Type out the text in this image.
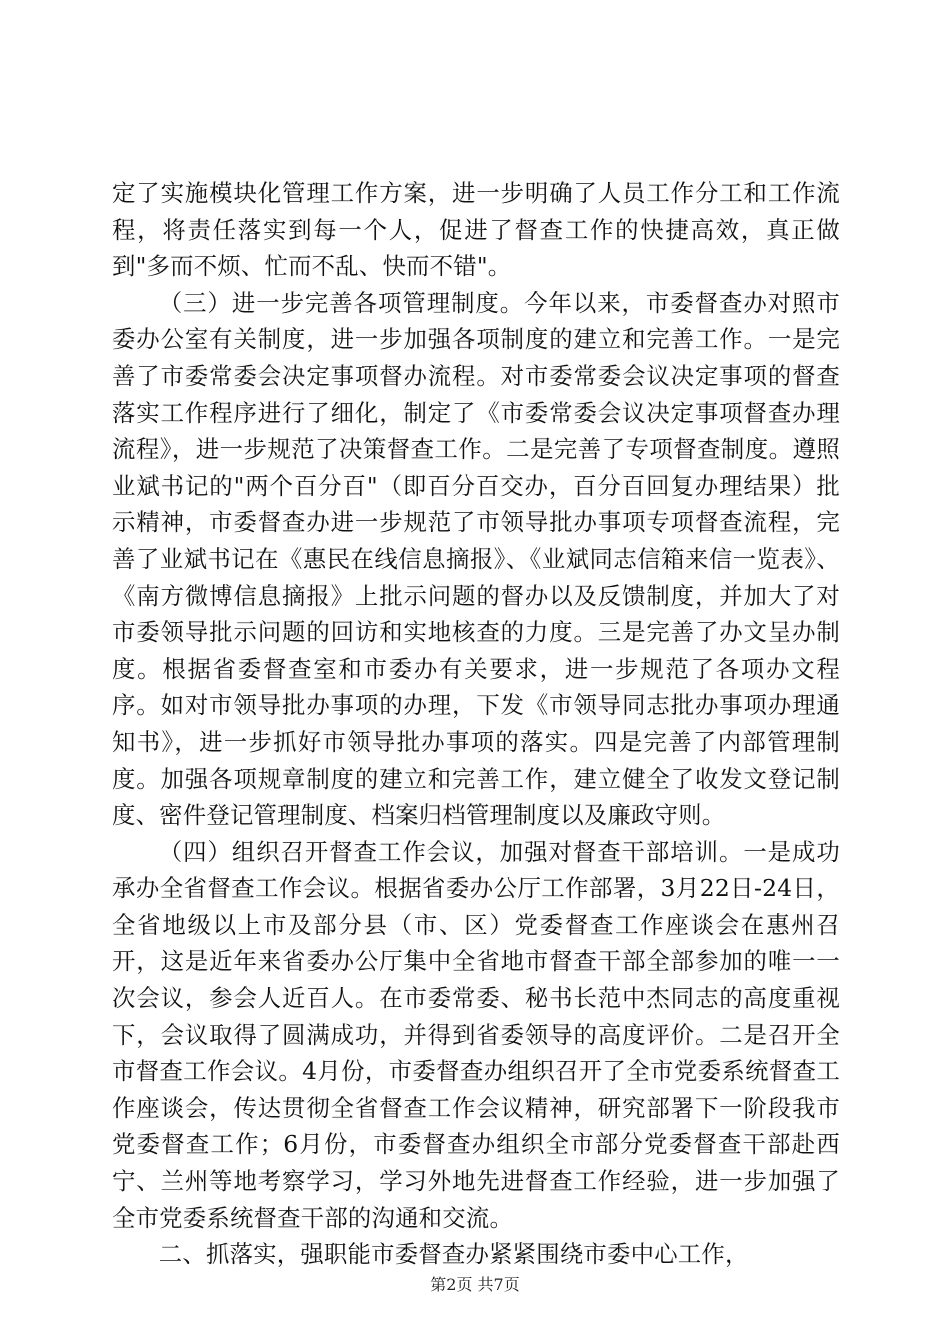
定了实施模块化管理工作方案，进一步明确了人员工作分工和工作流程，将责任落实到每一个人，促进了督查工作的快捷高效，真正做到"多而不烦、忙而不乱、快而不错"。

（三）进一步完善各项管理制度。今年以来，市委督查办对照市委办公室有关制度，进一步加强各项制度的建立和完善工作。一是完善了市委常委会决定事项督办流程。对市委常委会议决定事项的督查落实工作程序进行了细化，制定了《市委常委会议决定事项督查办理流程》，进一步规范了决策督查工作。二是完善了专项督查制度。遵照业斌书记的"两个百分百"（即百分百交办，百分百回复办理结果）批示精神，市委督查办进一步规范了市领导批办事项专项督查流程，完善了业斌书记在《惠民在线信息摘报》、《业斌同志信箱来信一览表》、《南方微博信息摘报》上批示问题的督办以及反馈制度，并加大了对市委领导批示问题的回访和实地核查的力度。三是完善了办文呈办制度。根据省委督查室和市委办有关要求，进一步规范了各项办文程序。如对市领导批办事项的办理，下发《市领导同志批办事项办理通知书》，进一步抓好市领导批办事项的落实。四是完善了内部管理制度。加强各项规章制度的建立和完善工作，建立健全了收发文登记制度、密件登记管理制度、档案归档管理制度以及廉政守则。

（四）组织召开督查工作会议，加强对督查干部培训。一是成功承办全省督查工作会议。根据省委办公厅工作部署，3月22日-24日，全省地级以上市及部分县（市、区）党委督查工作座谈会在惠州召开，这是近年来省委办公厅集中全省地市督查干部全部参加的唯一一次会议，参会人近百人。在市委常委、秘书长范中杰同志的高度重视下，会议取得了圆满成功，并得到省委领导的高度评价。二是召开全市督查工作会议。4月份，市委督查办组织召开了全市党委系统督查工作座谈会，传达贯彻全省督查工作会议精神，研究部署下一阶段我市党委督查工作；6月份，市委督查办组织全市部分党委督查干部赴西宁、兰州等地考察学习，学习外地先进督查工作经验，进一步加强了全市党委系统督查干部的沟通和交流。

二、抓落实，强职能市委督查办紧紧围绕市委中心工作，

第2页 共7页
